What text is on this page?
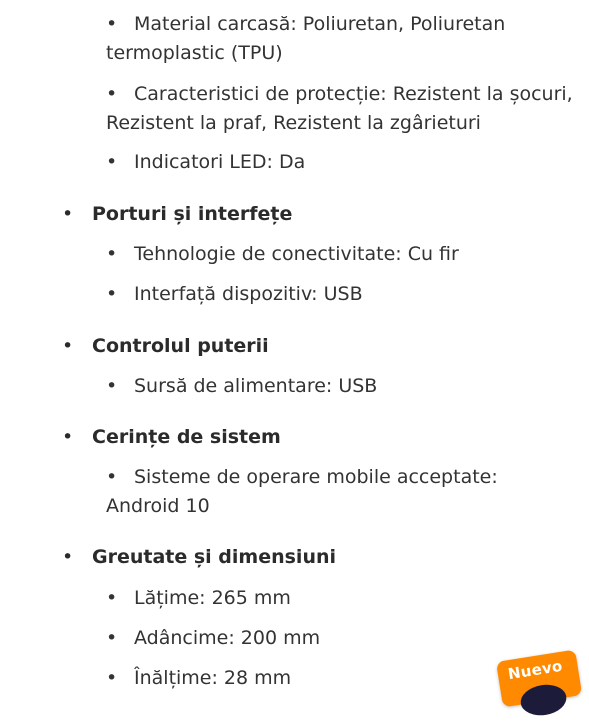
• Material carcasă: Poliuretan, Poliuretan termoplastic (TPU)
• Caracteristici de protecție: Rezistent la șocuri, Rezistent la praf, Rezistent la zgârieturi
• Indicatori LED: Da
• Porturi și interfețe
• Tehnologie de conectivitate: Cu fir
• Interfață dispozitiv: USB
• Controlul puterii
• Sursă de alimentare: USB
• Cerințe de sistem
• Sisteme de operare mobile acceptate: Android 10
• Greutate și dimensiuni
• Lățime: 265 mm
• Adâncime: 200 mm
• Înălțime: 28 mm	Nuevo
